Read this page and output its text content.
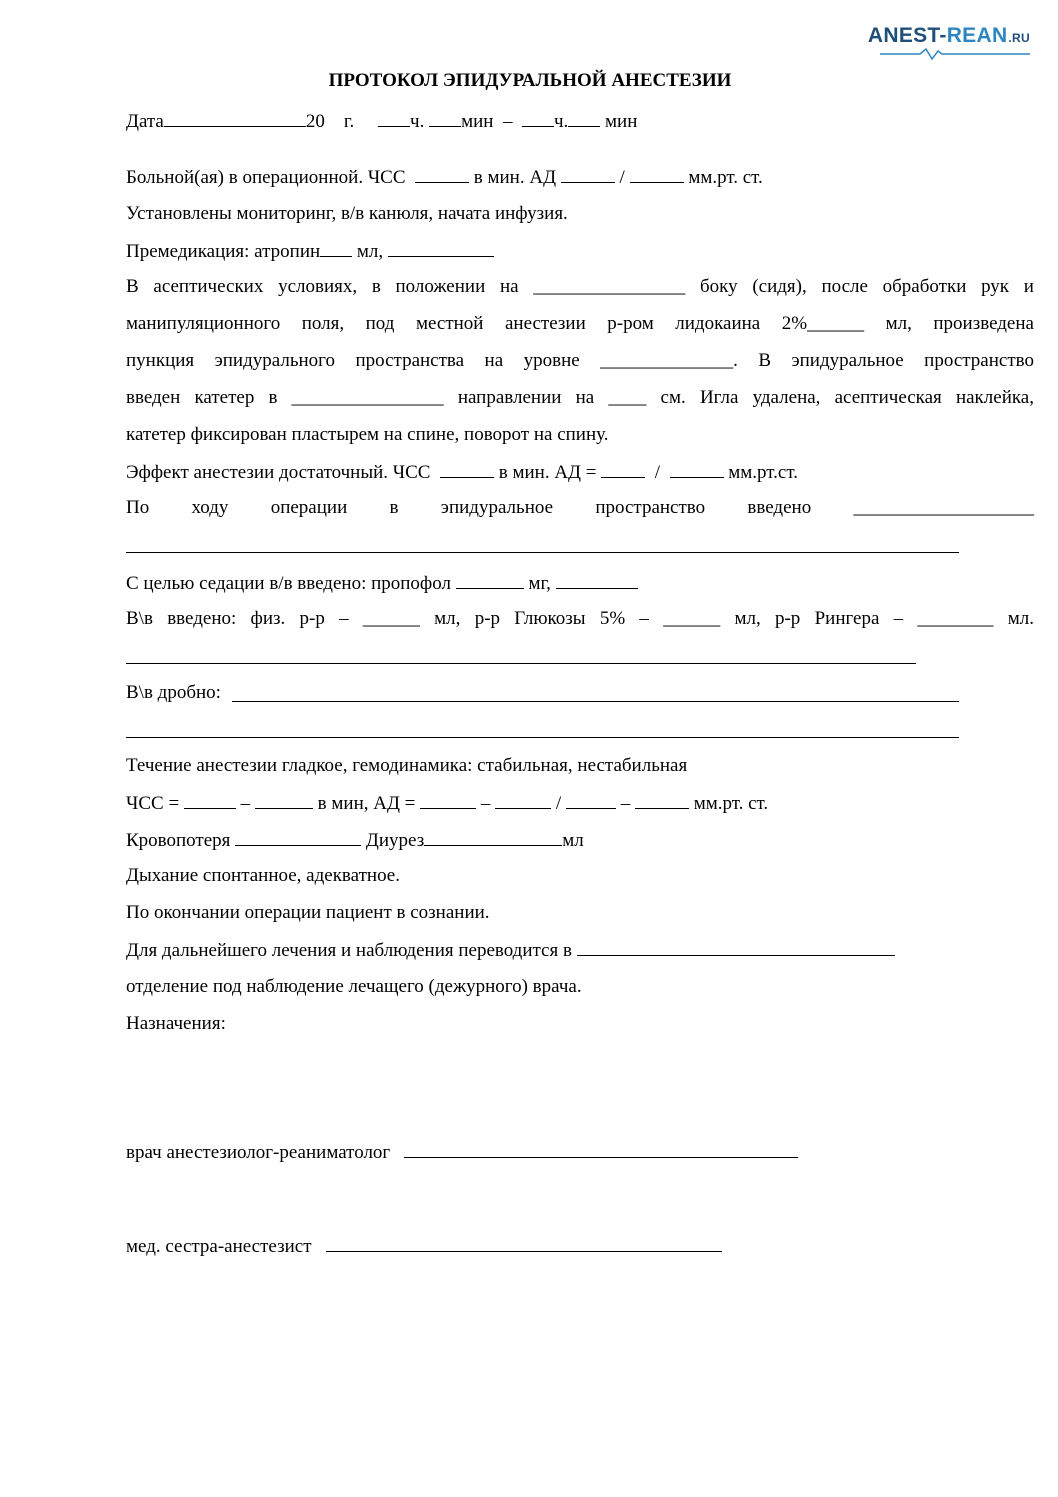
ANEST- REAN .RU
ПРОТОКОЛ ЭПИДУРАЛЬНОЙ АНЕСТЕЗИИ
Дата	20 г.	ч. мин – ч. мин
Больной(ая) в операционной. ЧСС	в мин. АД	/	мм.рт. ст.
Установлены мониторинг, в/в канюля, начата инфузия.
Премедикация: атропин мл,
В асептических условиях, в положении на ________________ боку (сидя), после обработки рук и
манипуляционного поля, под местной анестезии р-ром лидокаина 2%______ мл, произведена
пункция эпидурального пространства на уровне ______________. В эпидуральное пространство
введен катетер в ________________ направлении на ____ см. Игла удалена, асептическая наклейка,
катетер фиксирован пластырем на спине, поворот на спину.
Эффект анестезии достаточный. ЧСС	в мин. АД =	/	мм.рт.ст.
По ходу операции в эпидуральное пространство введено ___________________
С целью седации в/в введено: пропофол	мг,
В\в введено: физ. р-р – ______ мл, р-р Глюкозы 5% – ______ мл, р-р Рингера – ________ мл.
В\в дробно:
Течение анестезии гладкое, гемодинамика: стабильная, нестабильная
ЧСС =	–	в мин, АД =	–	/	–	мм.рт. ст.
Кровопотеря	Диурез	мл
Дыхание спонтанное, адекватное.
По окончании операции пациент в сознании.
Для дальнейшего лечения и наблюдения переводится в
отделение под наблюдение лечащего (дежурного) врача.
Назначения:
врач анестезиолог-реаниматолог
мед. сестра-анестезист
